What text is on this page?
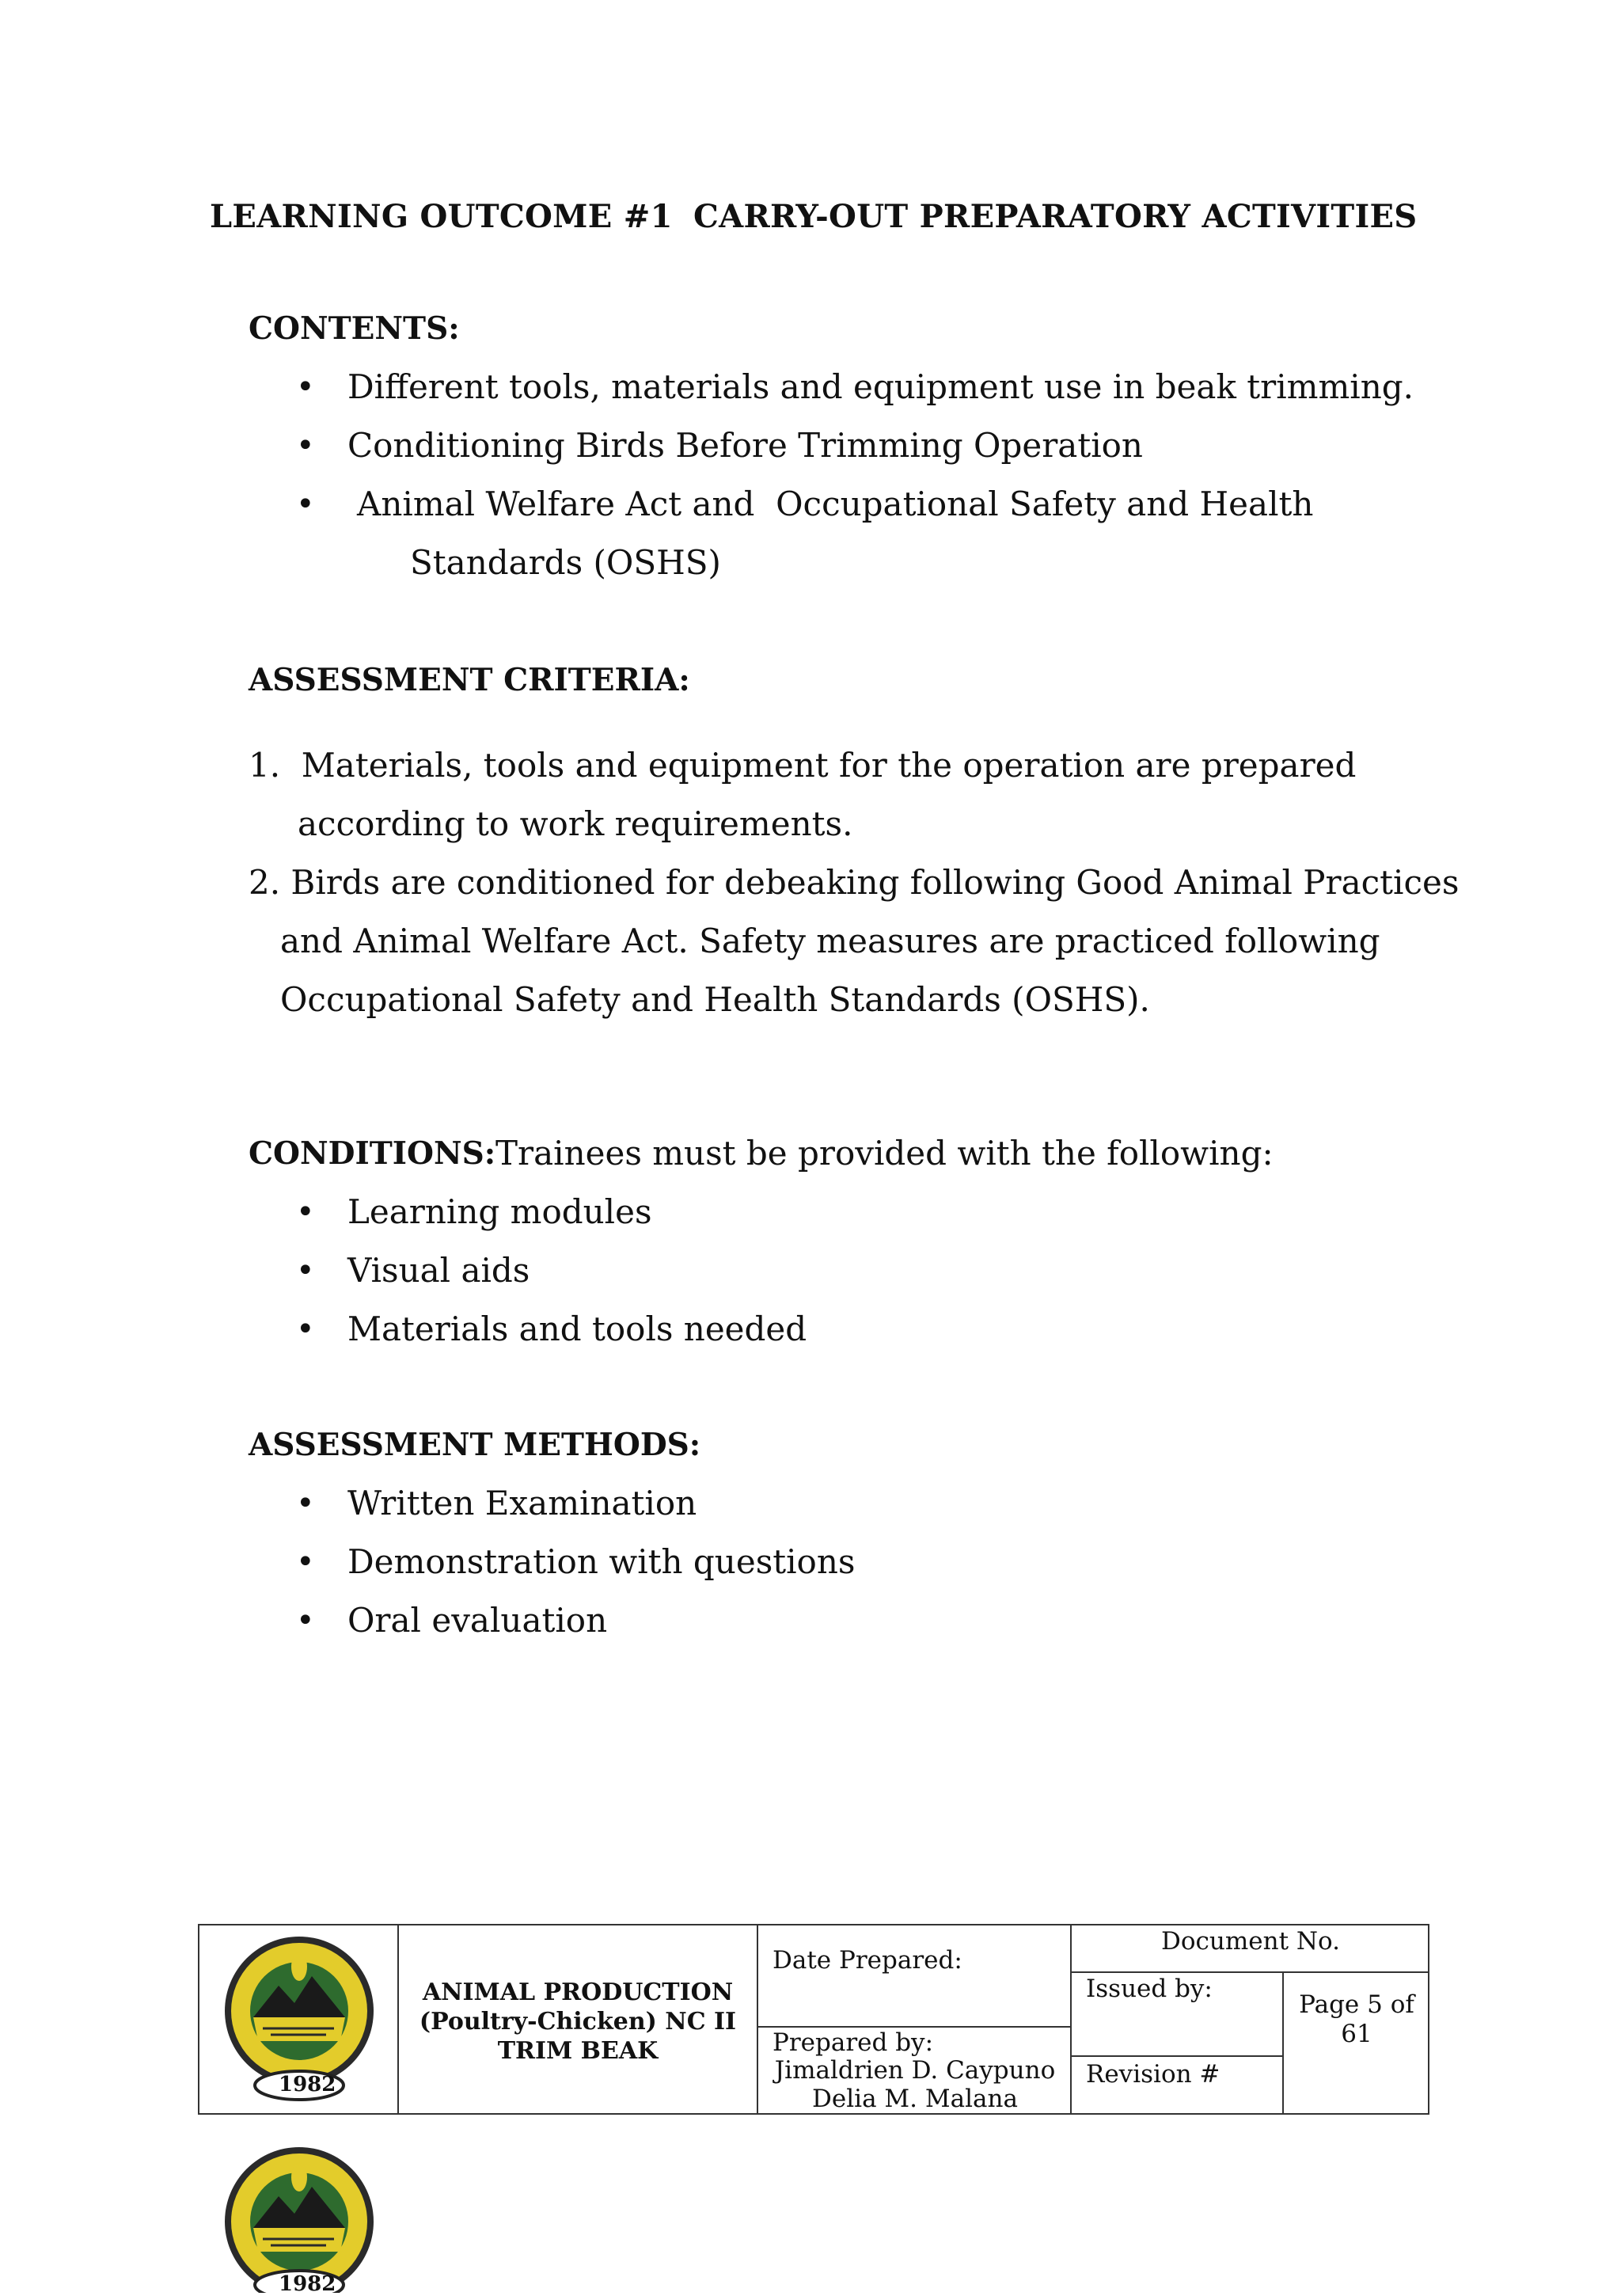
LEARNING OUTCOME #1 CARRY-OUT PREPARATORY ACTIVITIES
CONTENTS:
• Different tools, materials and equipment use in beak trimming.
• Conditioning Birds Before Trimming Operation
• Animal Welfare Act and  Occupational Safety and Health
Standards (OSHS)
ASSESSMENT CRITERIA:
1.  Materials, tools and equipment for the operation are prepared
according to work requirements.
2. Birds are conditioned for debeaking following Good Animal Practices
and Animal Welfare Act. Safety measures are practiced following
Occupational Safety and Health Standards (OSHS).
CONDITIONS: Trainees must be provided with the following:
• Learning modules
• Visual aids
• Materials and tools needed
ASSESSMENT METHODS:
• Written Examination
• Demonstration with questions
• Oral evaluation
1982
ANIMAL PRODUCTION
(Poultry-Chicken) NC II
TRIM BEAK
Date Prepared:
Prepared by:
Jimaldrien D. Caypuno
Delia M. Malana
Document No.
Issued by:
Revision #
Page 5 of
61
1982
